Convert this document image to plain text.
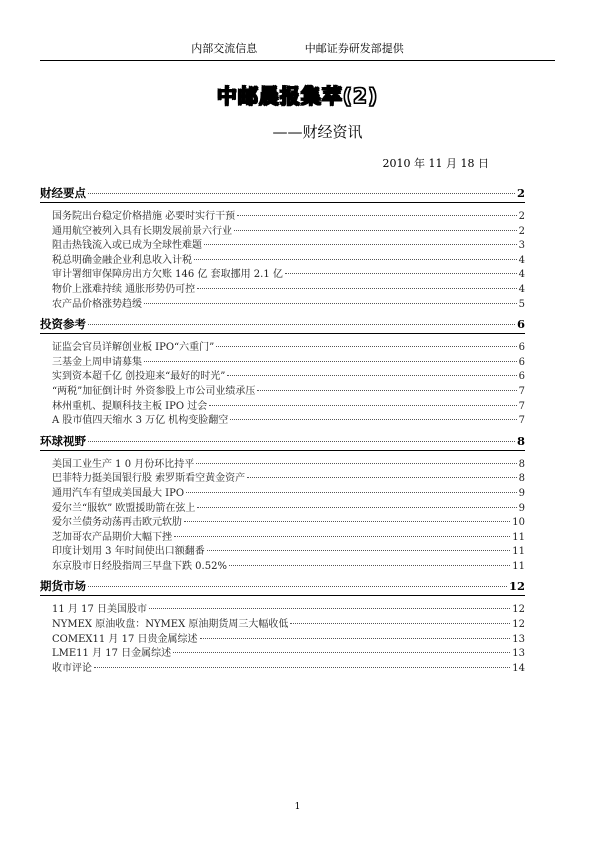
内部交流信息	中邮证券研发部提供
中邮晨报集萃(2)
——财经资讯
2010 年 11 月 18 日
财经要点	2
国务院出台稳定价格措施 必要时实行干预	2
通用航空被列入具有长期发展前景六行业	2
阻击热钱流入或已成为全球性难题	3
税总明确金融企业利息收入计税	4
审计署细审保障房出方欠账 146 亿 套取挪用 2.1 亿	4
物价上涨难持续 通胀形势仍可控	4
农产品价格涨势趋缓	5
投资参考	6
证监会官员详解创业板 IPO“六重门”	6
三基金上周申请募集	6
实到资本超千亿 创投迎来“最好的时光”	6
“两税”加征倒计时 外资参股上市公司业绩承压	7
林州重机、提顺科技主板 IPO 过会	7
A 股市值四天缩水 3 万亿 机构变脸翻空	7
环球视野	8
美国工业生产 1 0 月份环比持平	8
巴菲特力挺美国银行股 索罗斯看空黄金资产	8
通用汽车有望成美国最大 IPO	9
爱尔兰“服软” 欧盟援助箭在弦上	9
爱尔兰债务动荡再击欧元软肋	10
芝加哥农产品期价大幅下挫	11
印度计划用 3 年时间使出口额翻番	11
东京股市日经股指周三早盘下跌 0.52%	11
期货市场	12
11 月 17 日美国股市	12
NYMEX 原油收盘：NYMEX 原油期货周三大幅收低	12
COMEX11 月 17 日贵金属综述	13
LME11 月 17 日金属综述	13
收市评论	14
1
